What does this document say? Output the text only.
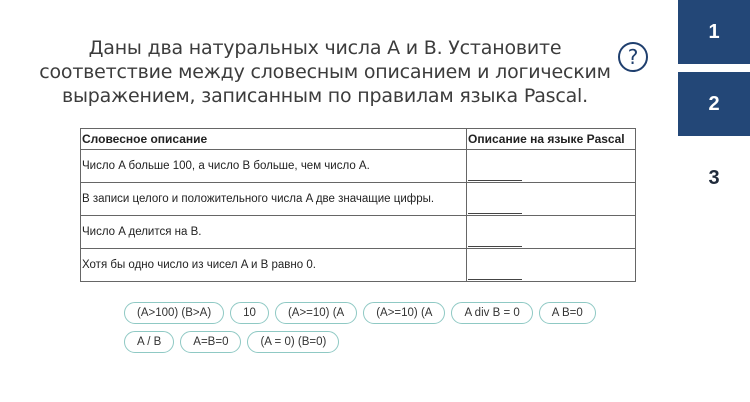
Даны два натуральных числа A и B. Установите соответствие между словесным описанием и логическим выражением, записанным по правилам языка Pascal.
?
Словесное описание	Описание на языке Pascal
Число A больше 100, а число B больше, чем число A.	

В записи целого и положительного числа A две значащие цифры.	

Число A делится на B.	

Хотя бы одно число из чисел A и B равно 0.	
(A>100) (B>A)	10	(A>=10) (A	(A>=10) (A	A div B = 0	A B=0
A / B	A=B=0	(A = 0) (B=0)
1
2
3
